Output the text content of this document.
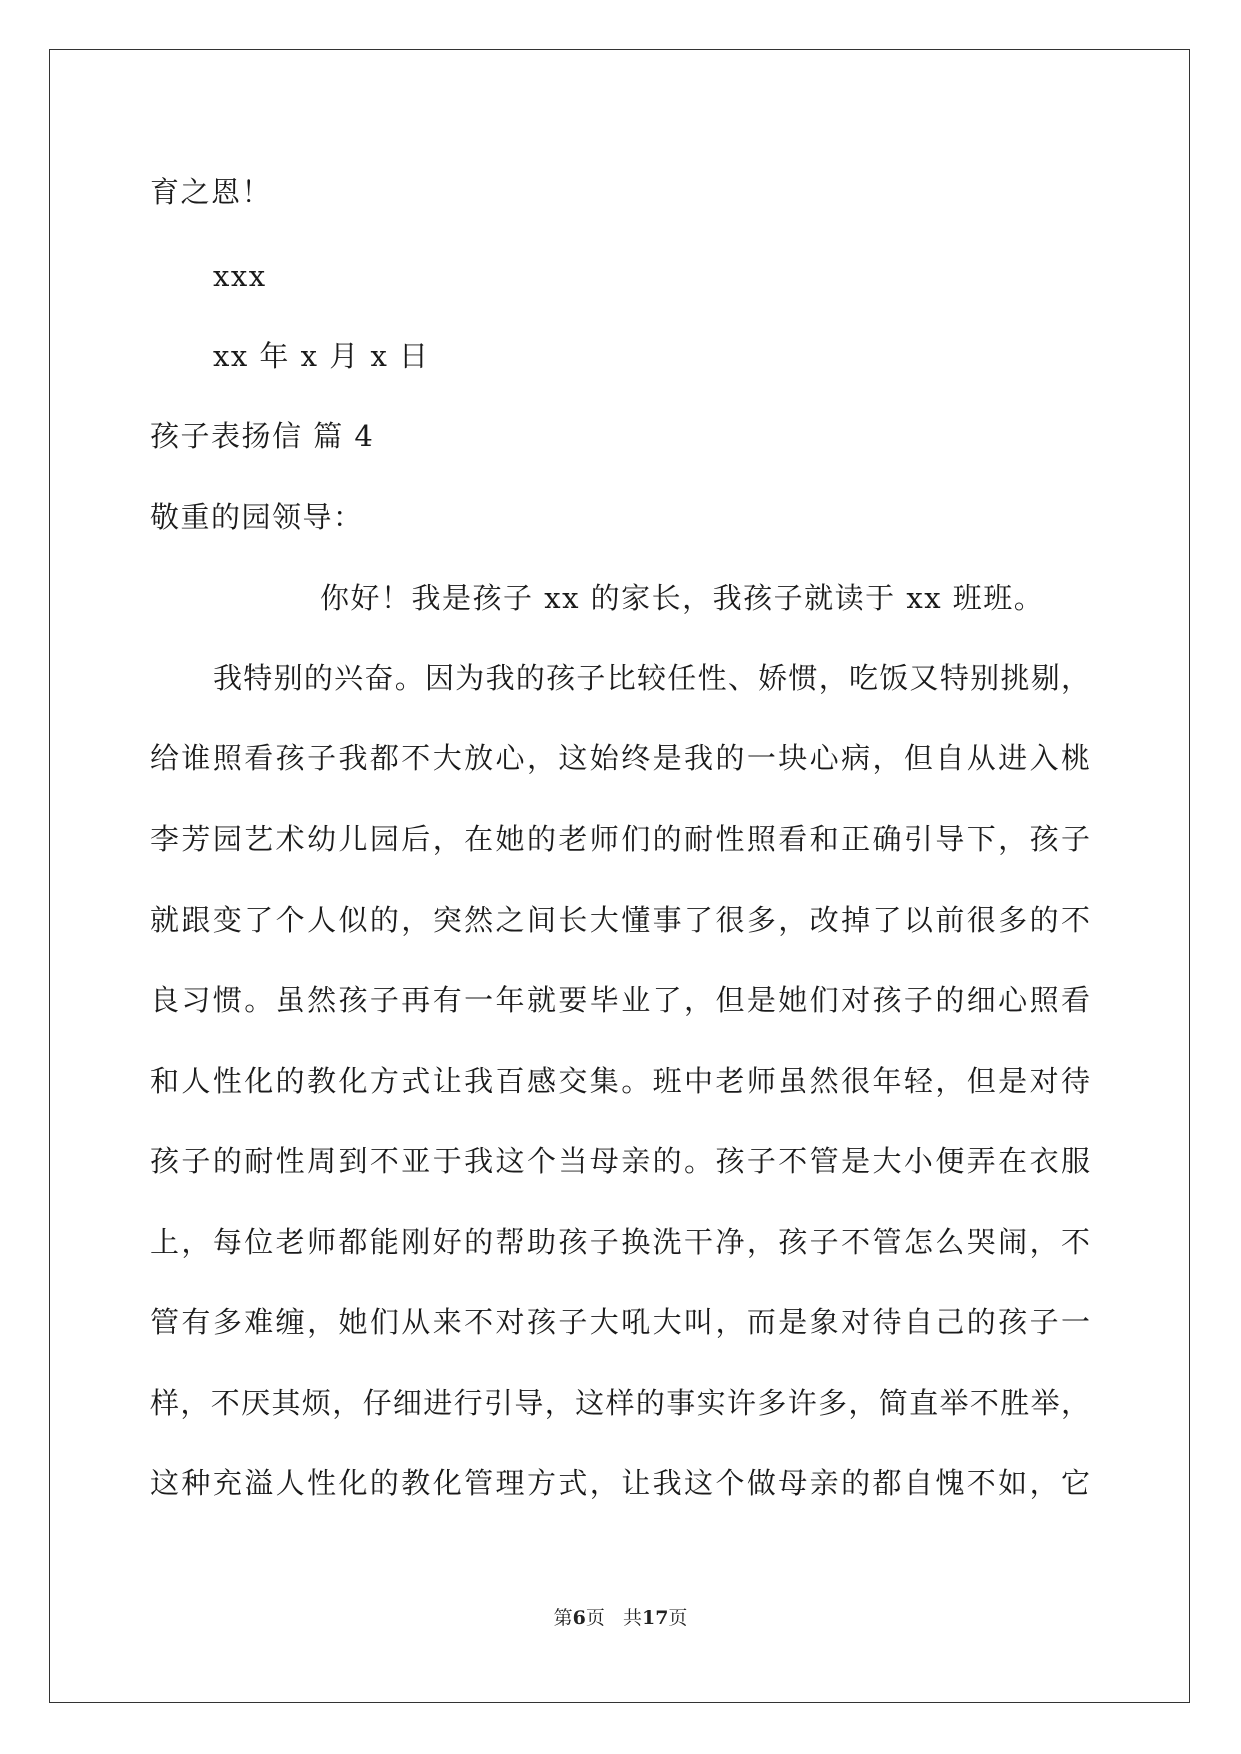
育之恩！
xxx
xx 年 x 月 x 日
孩子表扬信 篇 4
敬重的园领导：
你好！我是孩子 xx 的家长，我孩子就读于 xx 班班。
我特别的兴奋。因为我的孩子比较任性、娇惯，吃饭又特别挑剔，
给谁照看孩子我都不大放心，这始终是我的一块心病，但自从进入桃
李芳园艺术幼儿园后，在她的老师们的耐性照看和正确引导下，孩子
就跟变了个人似的，突然之间长大懂事了很多，改掉了以前很多的不
良习惯。虽然孩子再有一年就要毕业了，但是她们对孩子的细心照看
和人性化的教化方式让我百感交集。班中老师虽然很年轻，但是对待
孩子的耐性周到不亚于我这个当母亲的。孩子不管是大小便弄在衣服
上，每位老师都能刚好的帮助孩子换洗干净，孩子不管怎么哭闹，不
管有多难缠，她们从来不对孩子大吼大叫，而是象对待自己的孩子一
样，不厌其烦，仔细进行引导，这样的事实许多许多，简直举不胜举，
这种充溢人性化的教化管理方式，让我这个做母亲的都自愧不如，它
第6页 共17页
